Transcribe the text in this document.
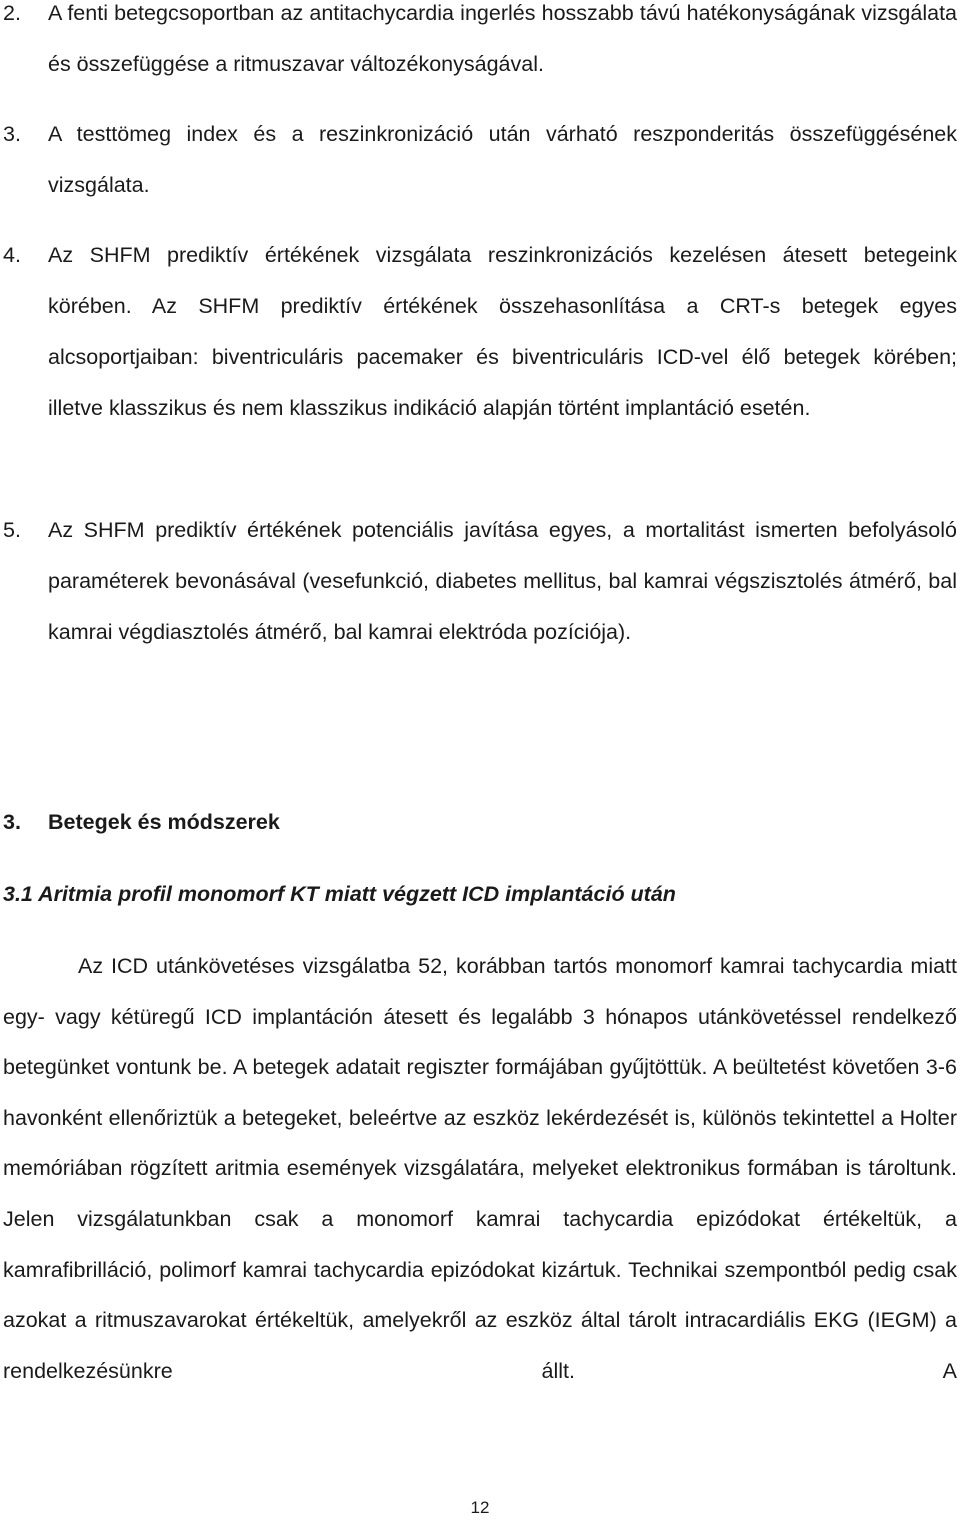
2. A fenti betegcsoportban az antitachycardia ingerlés hosszabb távú hatékonyságának vizsgálata és összefüggése a ritmuszavar változékonyságával.
3. A testtömeg index és a reszinkronizáció után várható reszponderitás összefüggésének vizsgálata.
4. Az SHFM prediktív értékének vizsgálata reszinkronizációs kezelésen átesett betegeink körében. Az SHFM prediktív értékének összehasonlítása a CRT-s betegek egyes alcsoportjaiban: biventriculáris pacemaker és biventriculáris ICD-vel élő betegek körében; illetve klasszikus és nem klasszikus indikáció alapján történt implantáció esetén.
5. Az SHFM prediktív értékének potenciális javítása egyes, a mortalitást ismerten befolyásoló paraméterek bevonásával (vesefunkció, diabetes mellitus, bal kamrai végszisztolés átmérő, bal kamrai végdiasztolés átmérő, bal kamrai elektróda pozíciója).
3. Betegek és módszerek
3.1 Aritmia profil monomorf KT miatt végzett ICD implantáció után
Az ICD utánkövetéses vizsgálatba 52, korábban tartós monomorf kamrai tachycardia miatt egy- vagy kétüregű ICD implantáción átesett és legalább 3 hónapos utánkövetéssel rendelkező betegünket vontunk be. A betegek adatait regiszter formájában gyűjtöttük. A beültetést követően 3-6 havonként ellenőriztük a betegeket, beleértve az eszköz lekérdezését is, különös tekintettel a Holter memóriában rögzített aritmia események vizsgálatára, melyeket elektronikus formában is tároltunk. Jelen vizsgálatunkban csak a monomorf kamrai tachycardia epizódokat értékeltük, a kamrafibrilláció, polimorf kamrai tachycardia epizódokat kizártuk. Technikai szempontból pedig csak azokat a ritmuszavarokat értékeltük, amelyekről az eszköz által tárolt intracardiális EKG (IEGM) a rendelkezésünkre állt. A
12
